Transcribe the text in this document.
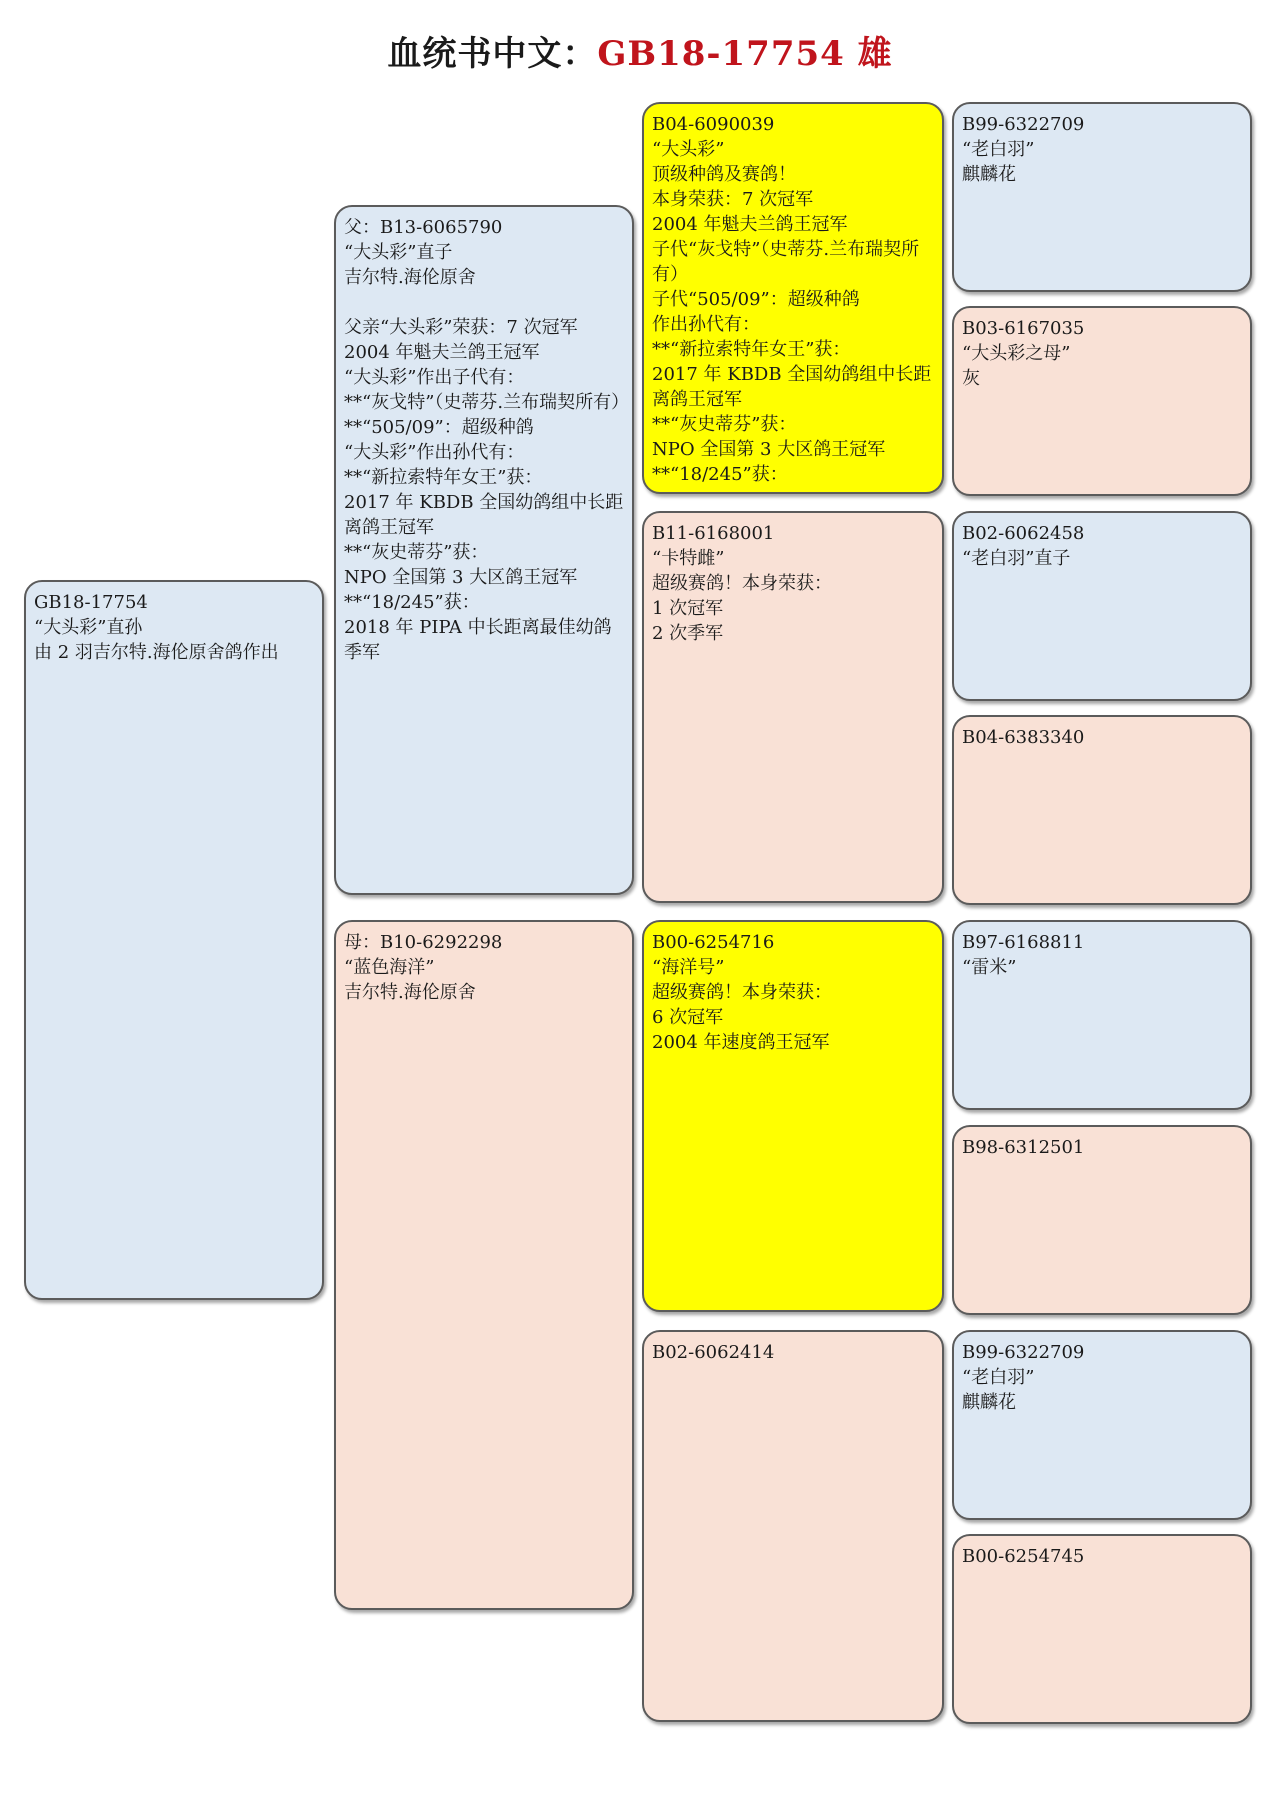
血统书中文：GB18-17754 雄
GB18-17754
“大头彩”直孙
由 2 羽吉尔特.海伦原舍鸽作出
父：B13-6065790
“大头彩”直子
吉尔特.海伦原舍
父亲“大头彩”荣获：7 次冠军
2004 年魁夫兰鸽王冠军
“大头彩”作出子代有：
**“灰戈特”（史蒂芬.兰布瑞契所有）
**“505/09”：超级种鸽
“大头彩”作出孙代有：
**“新拉索特年女王”获：
2017 年 KBDB 全国幼鸽组中长距离鸽王冠军
**“灰史蒂芬”获：
NPO 全国第 3 大区鸽王冠军
**“18/245”获：
2018 年 PIPA 中长距离最佳幼鸽季军
母：B10-6292298
“蓝色海洋”
吉尔特.海伦原舍
B04-6090039
“大头彩”
顶级种鸽及赛鸽！
本身荣获：7 次冠军
2004 年魁夫兰鸽王冠军
子代“灰戈特”（史蒂芬.兰布瑞契所有）
子代“505/09”：超级种鸽
作出孙代有：
**“新拉索特年女王”获：
2017 年 KBDB 全国幼鸽组中长距离鸽王冠军
**“灰史蒂芬”获：
NPO 全国第 3 大区鸽王冠军
**“18/245”获：
B11-6168001
“卡特雌”
超级赛鸽！本身荣获：
1 次冠军
2 次季军
B00-6254716
“海洋号”
超级赛鸽！本身荣获：
6 次冠军
2004 年速度鸽王冠军
B02-6062414
B99-6322709
“老白羽”
麒麟花
B03-6167035
“大头彩之母”
灰
B02-6062458
“老白羽”直子
B04-6383340
B97-6168811
“雷米”
B98-6312501
B99-6322709
“老白羽”
麒麟花
B00-6254745
